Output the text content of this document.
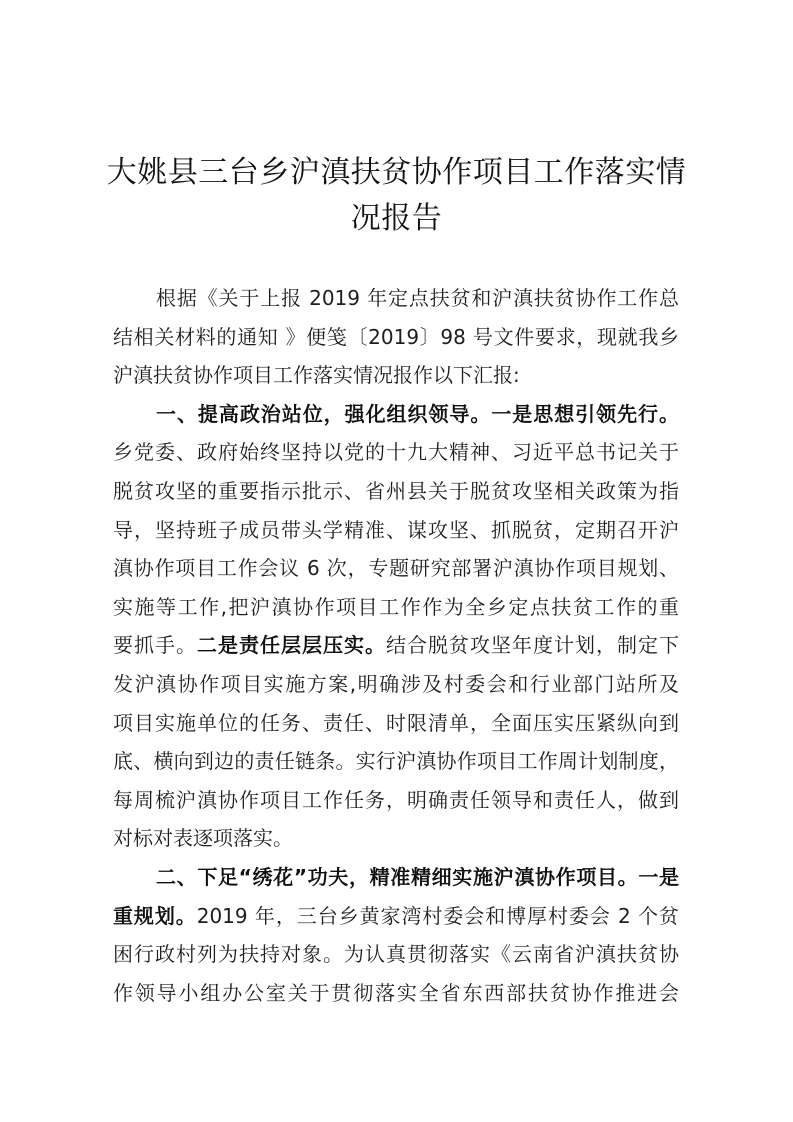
大姚县三台乡沪滇扶贫协作项目工作落实情
况报告
根据《关于上报 2019 年定点扶贫和沪滇扶贫协作工作总
结相关材料的通知 》便笺〔2019〕98 号文件要求，现就我乡
沪滇扶贫协作项目工作落实情况报作以下汇报:
一、提高政治站位，强化组织领导。一是思想引领先行。
乡党委、政府始终坚持以党的十九大精神、习近平总书记关于
脱贫攻坚的重要指示批示、省州县关于脱贫攻坚相关政策为指
导，坚持班子成员带头学精准、谋攻坚、抓脱贫，定期召开沪
滇协作项目工作会议 6 次，专题研究部署沪滇协作项目规划、
实施等工作,把沪滇协作项目工作作为全乡定点扶贫工作的重
要抓手。二是责任层层压实。结合脱贫攻坚年度计划，制定下
发沪滇协作项目实施方案,明确涉及村委会和行业部门站所及
项目实施单位的任务、责任、时限清单，全面压实压紧纵向到
底、横向到边的责任链条。实行沪滇协作项目工作周计划制度，
每周梳沪滇协作项目工作任务，明确责任领导和责任人，做到
对标对表逐项落实。
二、下足“绣花”功夫，精准精细实施沪滇协作项目。一是
重规划。2019 年，三台乡黄家湾村委会和博厚村委会 2 个贫
困行政村列为扶持对象。为认真贯彻落实《云南省沪滇扶贫协
作领导小组办公室关于贯彻落实全省东西部扶贫协作推进会
